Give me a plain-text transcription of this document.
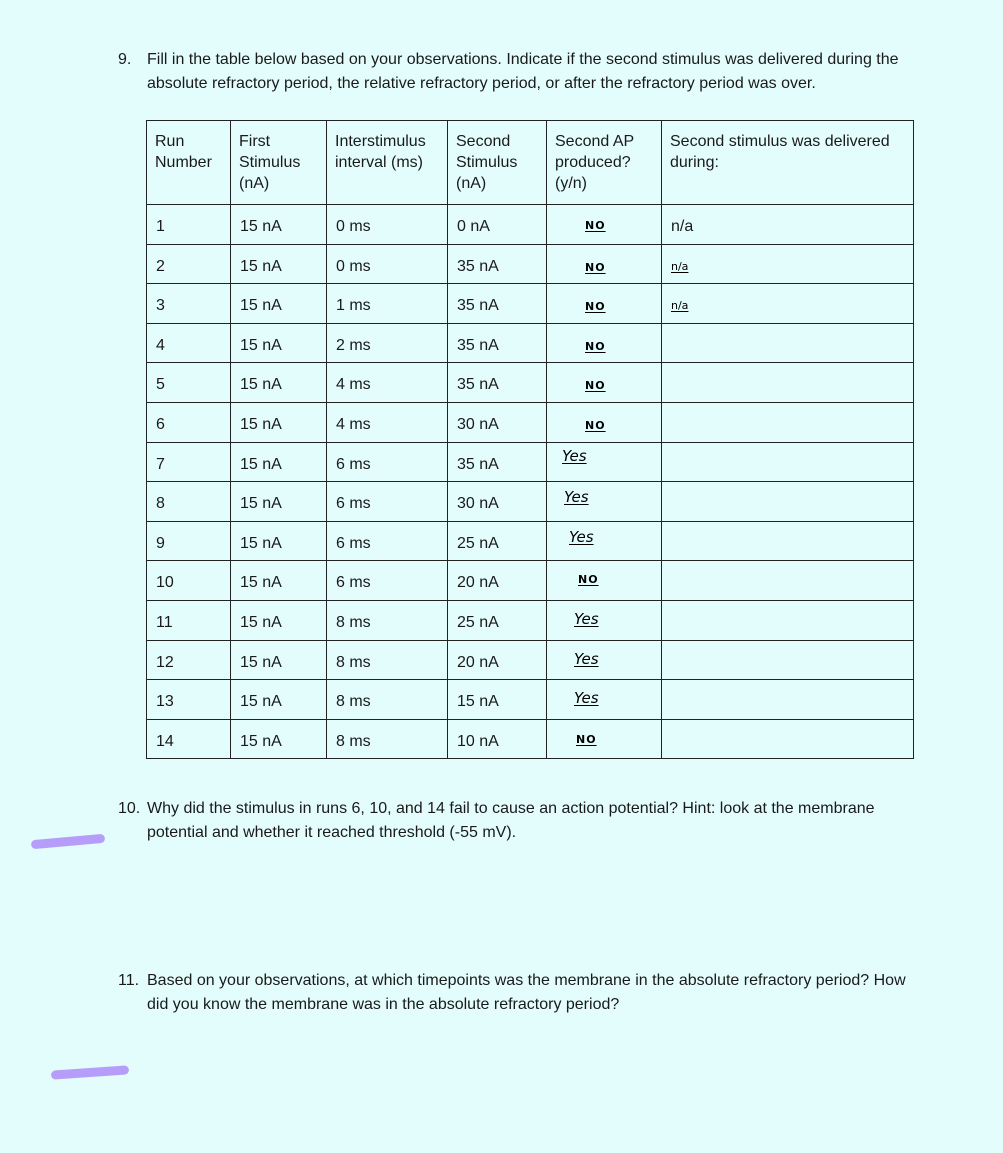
9. Fill in the table below based on your observations. Indicate if the second stimulus was delivered during the absolute refractory period, the relative refractory period, or after the refractory period was over.
Run Number	First Stimulus (nA)	Interstimulus interval (ms)	Second Stimulus (nA)	Second AP produced? (y/n)	Second stimulus was delivered during:

1	15 nA	0 ms	0 nA	NO	n/a

2	15 nA	0 ms	35 nA	NO	n/a

3	15 nA	1 ms	35 nA	NO	n/a

4	15 nA	2 ms	35 nA	NO	

5	15 nA	4 ms	35 nA	NO	

6	15 nA	4 ms	30 nA	NO	

7	15 nA	6 ms	35 nA	Yes	

8	15 nA	6 ms	30 nA	Yes	

9	15 nA	6 ms	25 nA	Yes	

10	15 nA	6 ms	20 nA	NO	

11	15 nA	8 ms	25 nA	Yes	

12	15 nA	8 ms	20 nA	Yes	

13	15 nA	8 ms	15 nA	Yes	

14	15 nA	8 ms	10 nA	NO	

10. Why did the stimulus in runs 6, 10, and 14 fail to cause an action potential? Hint: look at the membrane potential and whether it reached threshold (-55 mV).
11. Based on your observations, at which timepoints was the membrane in the absolute refractory period? How did you know the membrane was in the absolute refractory period?
